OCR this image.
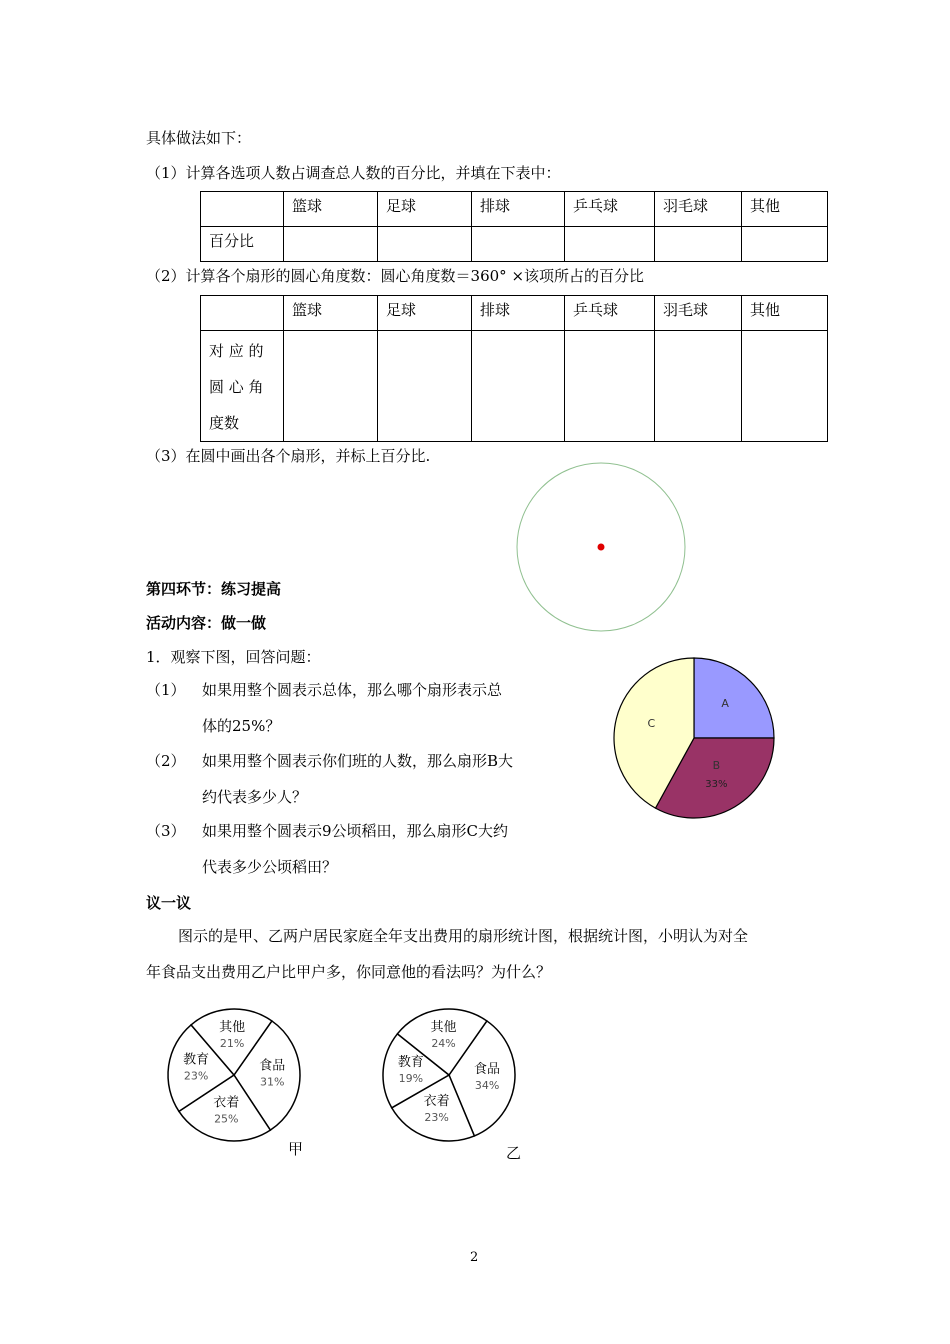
具体做法如下：
（1）计算各选项人数占调查总人数的百分比，并填在下表中：
	篮球	足球	排球	乒乓球	羽毛球	其他
百分比						
（2）计算各个扇形的圆心角度数：圆心角度数＝360° ×该项所占的百分比
	篮球	足球	排球	乒乓球	羽毛球	其他

对 应 的
圆 心 角
度数						

（3）在圆中画出各个扇形，并标上百分比.
第四环节：练习提高
活动内容：做一做
1．观察下图，回答问题：
（1） 如果用整个圆表示总体，那么哪个扇形表示总
体的25%？
（2） 如果用整个圆表示你们班的人数，那么扇形B大
约代表多少人？
（3） 如果用整个圆表示9公顷稻田，那么扇形C大约
代表多少公顷稻田？
A
B
33%
C
议一议
图示的是甲、乙两户居民家庭全年支出费用的扇形统计图，根据统计图，小明认为对全
年食品支出费用乙户比甲户多，你同意他的看法吗？为什么？
食品
31%
衣着
25%
教育
23%
其他
21%
甲
食品
34%
衣着
23%
教育
19%
其他
24%
乙
2
